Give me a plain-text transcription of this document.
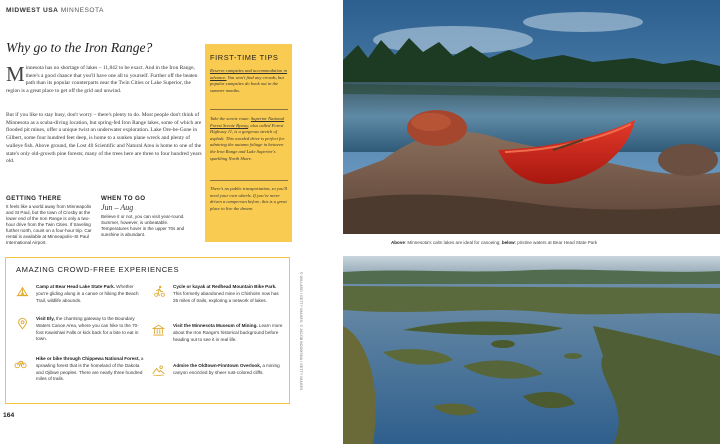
MIDWEST USA MINNESOTA
Why go to the Iron Range?
Minnesota has no shortage of lakes – 11,842 to be exact. And in the Iron Range, there's a good chance that you'll have one all to yourself. Further off the beaten path than its popular counterparts near the Twin Cities or Lake Superior, the region is a great place to get off the grid and unwind.
But if you like to stay busy, don't worry – there's plenty to do. Most people don't think of Minnesota as a scuba-diving location, but spring-fed Iron Range lakes, some of which are flooded pit mines, offer a unique twist on underwater exploration. Lake Ore-be-Gone in Gilbert, some four hundred feet deep, is home to a sunken plane wreck and plenty of walleye fish. Above ground, the Lost 40 Scientific and Natural Area is home to one of the state's only old-growth pine forests; many of the trees here are three to four hundred years old.
GETTING THERE
It feels like a world away from Minneapolis and St Paul, but the town of Crosby at the lower end of the Iron Range is only a two-hour drive from the Twin Cities. If traveling further north, count on a four-hour trip. Car rental is available at Minneapolis–St Paul International Airport.
WHEN TO GO
Jun – Aug
Believe it or not, you can visit year-round. Summer, however, is unbeatable. Temperatures hover in the upper 70s and sunshine is abundant.
FIRST-TIME TIPS
Reserve campsites and accommodation in advance. You won't find any crowds, but popular campsites do book out in the summer months.
Take the scenic route. Superior National Forest Scenic Byway, also called Forest Highway 11, is a gorgeous stretch of asphalt. This wooded drive is perfect for admiring the autumn foliage in between the Iron Range and Lake Superior's sparkling North Shore.
There's no public transportation, so you'll need your own wheels. If you've never driven a campervan before, this is a great place to live the dream.
AMAZING CROWD-FREE EXPERIENCES
Camp at Bear Head Lake State Park. Whether you're gliding along in a canoe or hiking the Beach Trail, wildlife abounds.
Visit Ely, the charming gateway to the Boundary Waters Canoe Area, where you can hike to the 70-foot Kawishiwi Falls or kick back for a bite to eat in town.
Hike or bike through Chippewa National Forest, a sprawling forest that is the homeland of the Dakota and Ojibwe peoples. There are nearly three hundred miles of trails.
Cycle or kayak at Redhead Mountain Bike Park. This formerly abandoned mine in Chisholm now has 25 miles of trails, exploring a network of lakes.
Visit the Minnesota Museum of Mining. Learn more about the Iron Range's historical background before heading out to see it in real life.
Admire the Oldtown-Finntown Overlook, a mining canyon encircled by sheer rust-colored cliffs.
164
Above: Minnesota's calm lakes are ideal for canoeing; below: pristine waters at Bear Head State Park
© WILLARD / GETTY IMAGES; © JACOB BOOMSMA / GETTY IMAGES
